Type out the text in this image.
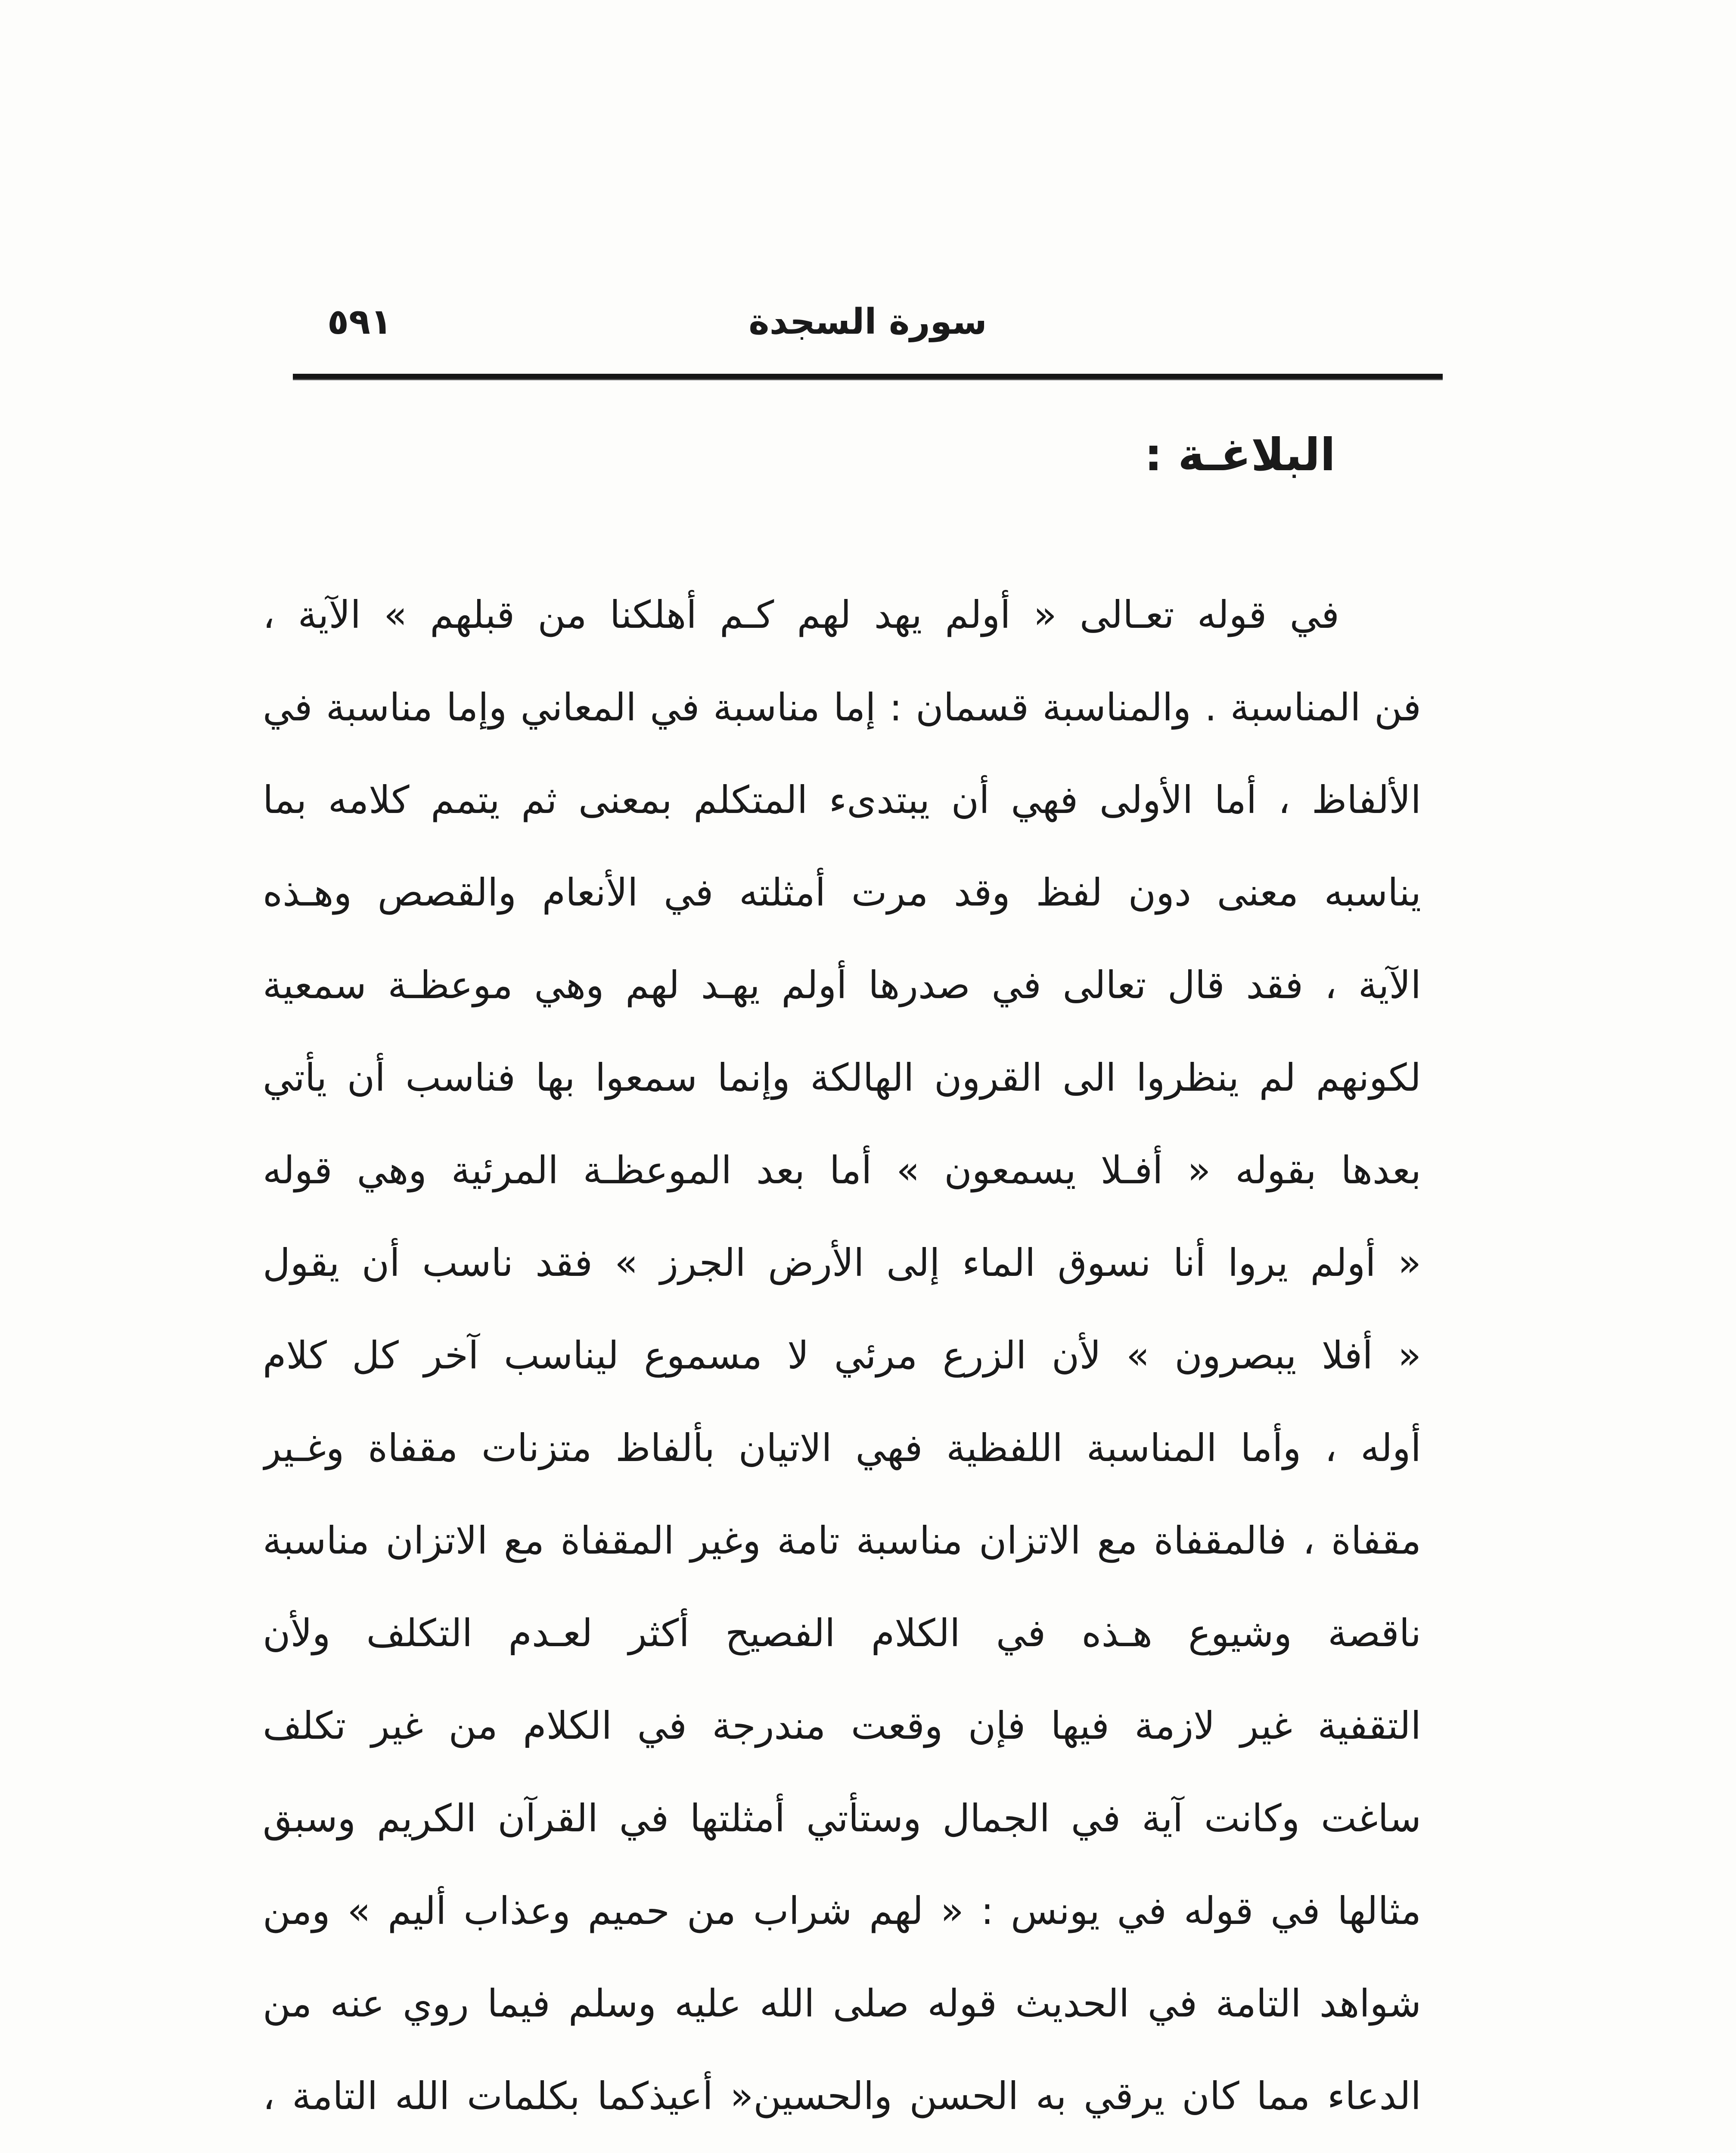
سورة السجدة
٥٩١
البلاغـة :
في قوله تعـالى « أولم يهد لهم كـم أهلكنا من قبلهم » الآية ،
فن المناسبة . والمناسبة قسمان : إما مناسبة في المعاني وإما مناسبة في
الألفاظ ، أما الأولى فهي أن يبتدىء المتكلم بمعنى ثم يتمم كلامه بما
يناسبه معنى دون لفظ وقد مرت أمثلته في الأنعام والقصص وهـذه
الآية ، فقد قال تعالى في صدرها أولم يهـد لهم وهي موعظـة سمعية
لكونهم لم ينظروا الى القرون الهالكة وإنما سمعوا بها فناسب أن يأتي
بعدها بقوله « أفـلا يسمعون » أما بعد الموعظـة المرئية وهي قوله
« أولم يروا أنا نسوق الماء إلى الأرض الجرز » فقد ناسب أن يقول
« أفلا يبصرون » لأن الزرع مرئي لا مسموع ليناسب آخر كل كلام
أوله ، وأما المناسبة اللفظية فهي الاتيان بألفاظ متزنات مقفاة وغـير
مقفاة ، فالمقفاة مع الاتزان مناسبة تامة وغير المقفاة مع الاتزان مناسبة
ناقصة وشيوع هـذه في الكلام الفصيح أكثر لعـدم التكلف ولأن
التقفية غير لازمة فيها فإن وقعت مندرجة في الكلام من غير تكلف
ساغت وكانت آية في الجمال وستأتي أمثلتها في القرآن الكريم وسبق
مثالها في قوله في يونس : « لهم شراب من حميم وعذاب أليم » ومن
شواهد التامة في الحديث قوله صلى الله عليه وسلم فيما روي عنه من
الدعاء مما كان يرقي به الحسن والحسين« أعيذكما بكلمات الله التامة ،
